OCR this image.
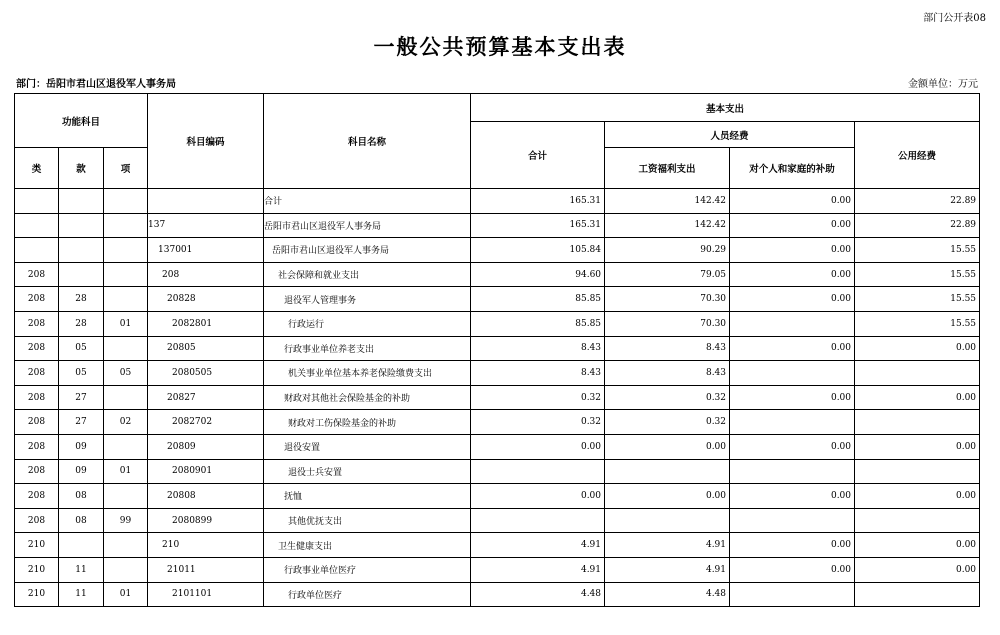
部门公开表08
一般公共预算基本支出表
部门：岳阳市君山区退役军人事务局	金额单位：万元
功能科目			科目编码	科目名称	基本支出			
					合计	人员经费		公用经费
类	款	项				工资福利支出	对个人和家庭的补助	
				合计	165.31	142.42	0.00	22.89
			137	岳阳市君山区退役军人事务局	165.31	142.42	0.00	22.89
			137001	岳阳市君山区退役军人事务局	105.84	90.29	0.00	15.55
208			208	社会保障和就业支出	94.60	79.05	0.00	15.55
208	28		20828	退役军人管理事务	85.85	70.30	0.00	15.55
208	28	01	2082801	行政运行	85.85	70.30		15.55
208	05		20805	行政事业单位养老支出	8.43	8.43	0.00	0.00
208	05	05	2080505	机关事业单位基本养老保险缴费支出	8.43	8.43		
208	27		20827	财政对其他社会保险基金的补助	0.32	0.32	0.00	0.00
208	27	02	2082702	财政对工伤保险基金的补助	0.32	0.32		
208	09		20809	退役安置	0.00	0.00	0.00	0.00
208	09	01	2080901	退役士兵安置				
208	08		20808	抚恤	0.00	0.00	0.00	0.00
208	08	99	2080899	其他优抚支出				
210			210	卫生健康支出	4.91	4.91	0.00	0.00
210	11		21011	行政事业单位医疗	4.91	4.91	0.00	0.00
210	11	01	2101101	行政单位医疗	4.48	4.48		
